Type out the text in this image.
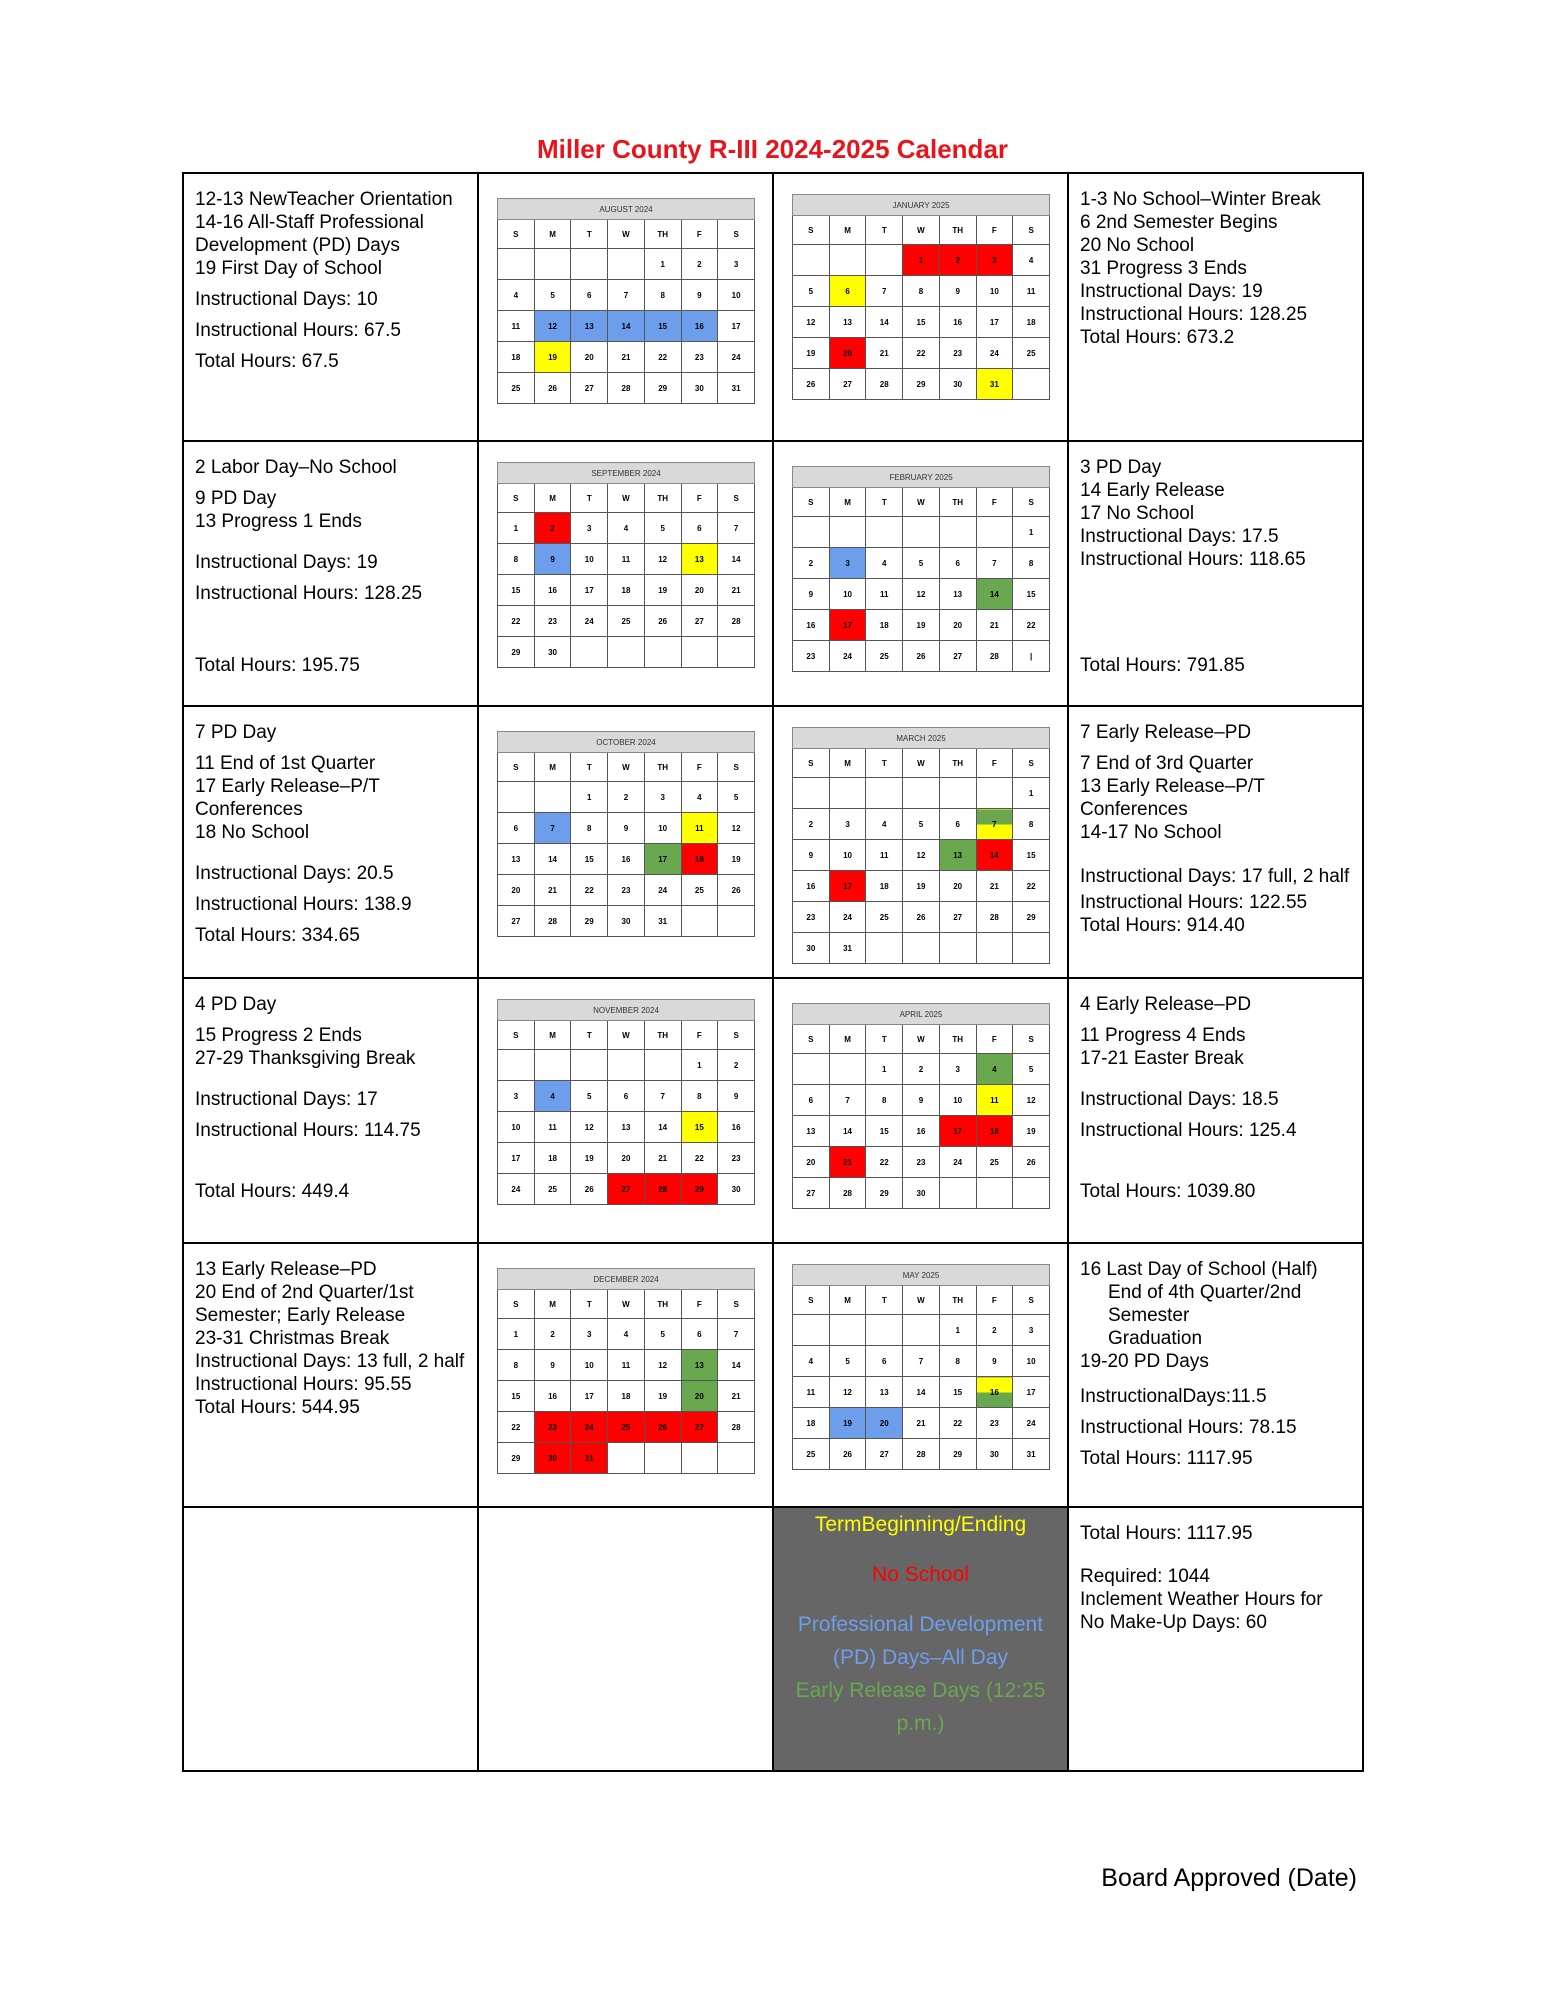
Miller County R-III 2024-2025 Calendar
12-13 NewTeacher Orientation
14-16 All-Staff Professional Development (PD) Days
19 First Day of School
Instructional Days: 10
Instructional Hours: 67.5
Total Hours: 67.5

AUGUST 2024
S	M	T	W	TH	F	S
				1	2	3
4	5	6	7	8	9	10
11	12	13	14	15	16	17
18	19	20	21	22	23	24
25	26	27	28	29	30	31

JANUARY 2025
S	M	T	W	TH	F	S
			1	2	3	4
5	6	7	8	9	10	11
12	13	14	15	16	17	18
19	20	21	22	23	24	25
26	27	28	29	30	31	

1-3 No School–Winter Break
6 2nd Semester Begins
20 No School
31 Progress 3 Ends
Instructional Days: 19
Instructional Hours: 128.25
Total Hours: 673.2

2 Labor Day–No School
9 PD Day
13 Progress 1 Ends
Instructional Days: 19
Instructional Hours: 128.25
Total Hours: 195.75

SEPTEMBER 2024
S	M	T	W	TH	F	S
1	2	3	4	5	6	7
8	9	10	11	12	13	14
15	16	17	18	19	20	21
22	23	24	25	26	27	28
29	30					

FEBRUARY 2025
S	M	T	W	TH	F	S
						1
2	3	4	5	6	7	8
9	10	11	12	13	14	15
16	17	18	19	20	21	22
23	24	25	26	27	28	|

3 PD Day
14 Early Release
17 No School
Instructional Days: 17.5
Instructional Hours: 118.65
Total Hours: 791.85

7 PD Day
11 End of 1st Quarter
17 Early Release–P/T Conferences
18 No School
Instructional Days: 20.5
Instructional Hours: 138.9
Total Hours: 334.65

OCTOBER 2024
S	M	T	W	TH	F	S
		1	2	3	4	5
6	7	8	9	10	11	12
13	14	15	16	17	18	19
20	21	22	23	24	25	26
27	28	29	30	31		

MARCH 2025
S	M	T	W	TH	F	S
						1
2	3	4	5	6	7	8
9	10	11	12	13	14	15
16	17	18	19	20	21	22
23	24	25	26	27	28	29
30	31					

7 Early Release–PD
7 End of 3rd Quarter
13 Early Release–P/T Conferences
14-17 No School
Instructional Days: 17 full, 2 half
Instructional Hours: 122.55
Total Hours: 914.40

4 PD Day
15 Progress 2 Ends
27-29 Thanksgiving Break
Instructional Days: 17
Instructional Hours: 114.75
Total Hours: 449.4

NOVEMBER 2024
S	M	T	W	TH	F	S
					1	2
3	4	5	6	7	8	9
10	11	12	13	14	15	16
17	18	19	20	21	22	23
24	25	26	27	28	29	30

APRIL 2025
S	M	T	W	TH	F	S
		1	2	3	4	5
6	7	8	9	10	11	12
13	14	15	16	17	18	19
20	21	22	23	24	25	26
27	28	29	30			

4 Early Release–PD
11 Progress 4 Ends
17-21 Easter Break
Instructional Days: 18.5
Instructional Hours: 125.4
Total Hours: 1039.80

13 Early Release–PD
20 End of 2nd Quarter/1st Semester; Early Release
23-31 Christmas Break
Instructional Days: 13 full, 2 half
Instructional Hours: 95.55
Total Hours: 544.95

DECEMBER 2024
S	M	T	W	TH	F	S
1	2	3	4	5	6	7
8	9	10	11	12	13	14
15	16	17	18	19	20	21
22	23	24	25	26	27	28
29	30	31				

MAY 2025
S	M	T	W	TH	F	S
				1	2	3
4	5	6	7	8	9	10
11	12	13	14	15	16	17
18	19	20	21	22	23	24
25	26	27	28	29	30	31

16 Last Day of School (Half)
End of 4th Quarter/2nd Semester
Graduation
19-20 PD Days
InstructionalDays:11.5
Instructional Hours: 78.15
Total Hours: 1117.95

TermBeginning/Ending
No School
Professional Development (PD) Days–All Day
Early Release Days (12:25 p.m.)

Total Hours: 1117.95
Required: 1044
Inclement Weather Hours for No Make-Up Days: 60
Board Approved (Date)
